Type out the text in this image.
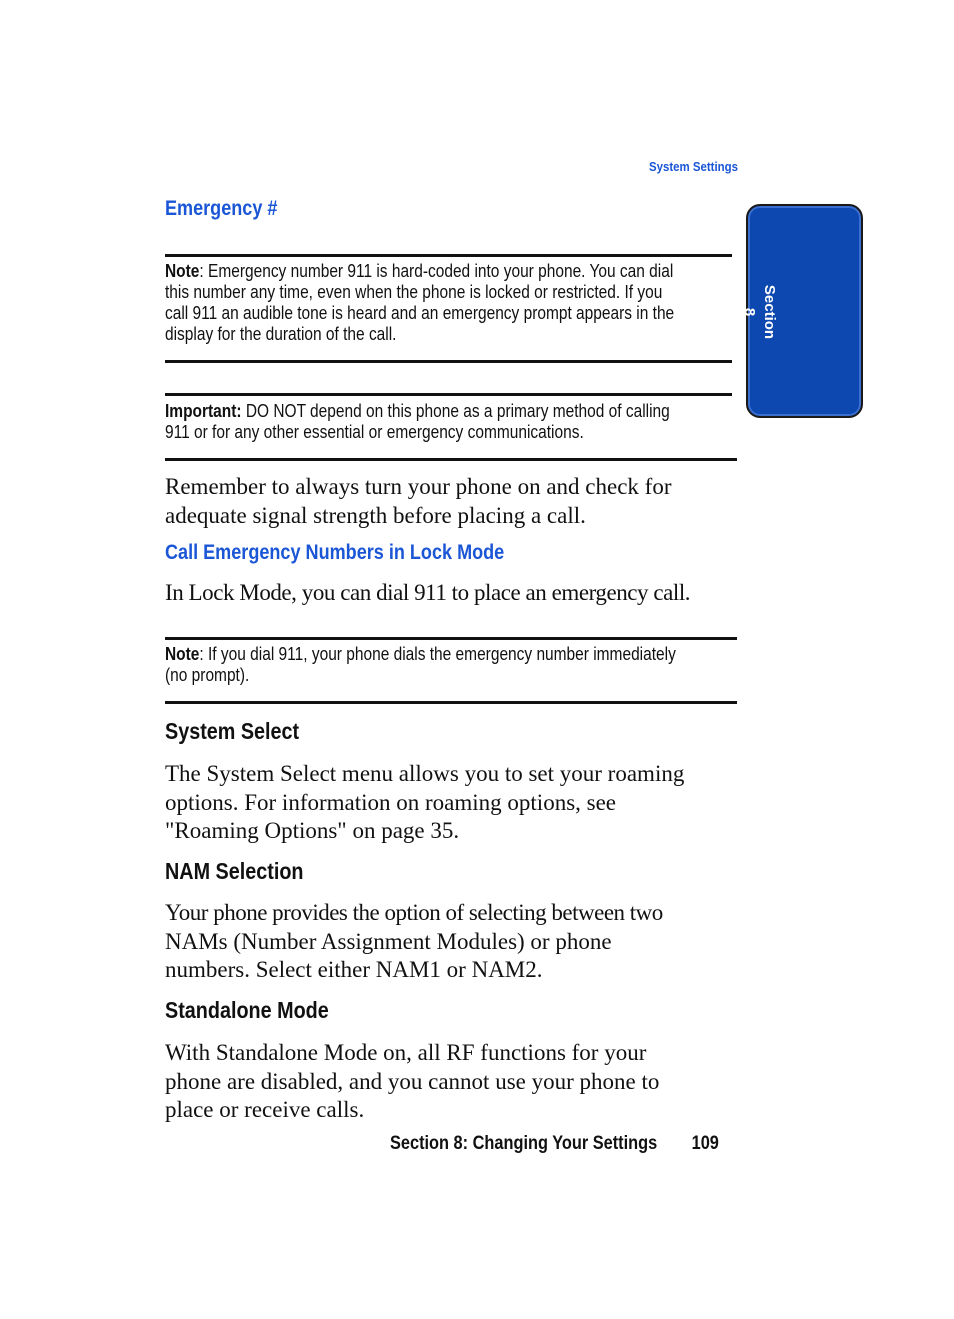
System Settings
Section 8
Emergency #
Note: Emergency number 911 is hard-coded into your phone. You can dial
this number any time, even when the phone is locked or restricted. If you
call 911 an audible tone is heard and an emergency prompt appears in the
display for the duration of the call.
Important: DO NOT depend on this phone as a primary method of calling
911 or for any other essential or emergency communications.
Remember to always turn your phone on and check for
adequate signal strength before placing a call.
Call Emergency Numbers in Lock Mode
In Lock Mode, you can dial 911 to place an emergency call.
Note: If you dial 911, your phone dials the emergency number immediately
(no prompt).
System Select
The System Select menu allows you to set your roaming
options. For information on roaming options, see
"Roaming Options" on page 35.
NAM Selection
Your phone provides the option of selecting between two
NAMs (Number Assignment Modules) or phone
numbers. Select either NAM1 or NAM2.
Standalone Mode
With Standalone Mode on, all RF functions for your
phone are disabled, and you cannot use your phone to
place or receive calls.
Section 8: Changing Your Settings 109
